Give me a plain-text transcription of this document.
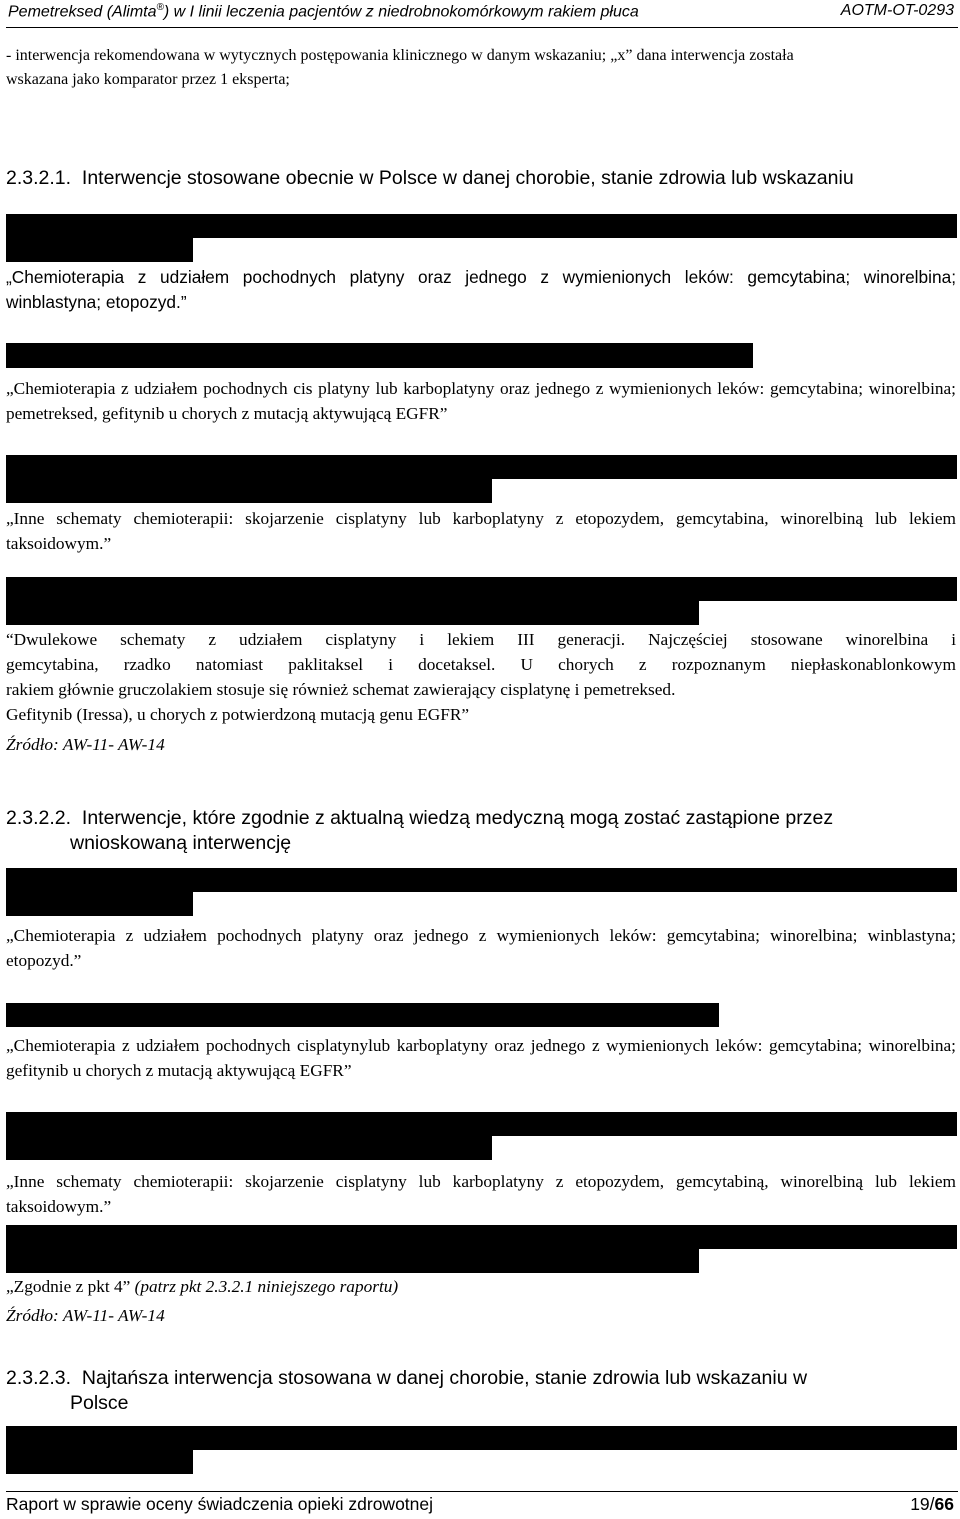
Pemetreksed (Alimta®) w I linii leczenia pacjentów z niedrobnokomórkowym rakiem płuca	AOTM-OT-0293
- interwencja rekomendowana w wytycznych postępowania klinicznego w danym wskazaniu; „x” dana interwencja została
wskazana jako komparator przez 1 eksperta;
2.3.2.1. Interwencje stosowane obecnie w Polsce w danej chorobie, stanie zdrowia lub wskazaniu
„Chemioterapia z udziałem pochodnych platyny oraz jednego z wymienionych leków: gemcytabina; winorelbina; winblastyna; etopozyd.”
„Chemioterapia z udziałem pochodnych cis platyny lub karboplatyny oraz jednego z wymienionych leków: gemcytabina; winorelbina; pemetreksed, gefitynib u chorych z mutacją aktywującą EGFR”
„Inne schematy chemioterapii: skojarzenie cisplatyny lub karboplatyny z etopozydem, gemcytabina, winorelbiną lub lekiem taksoidowym.”
“Dwulekowe schematy z udziałem cisplatyny i lekiem III generacji. Najczęściej stosowane winorelbina i
gemcytabina, rzadko natomiast paklitaksel i docetaksel. U chorych z rozpoznanym niepłaskonablonkowym
rakiem głównie gruczolakiem stosuje się również schemat zawierający cisplatynę i pemetreksed.
Gefitynib (Iressa), u chorych z potwierdzoną mutacją genu EGFR”
Źródło: AW-11- AW-14
2.3.2.2. Interwencje, które zgodnie z aktualną wiedzą medyczną mogą zostać zastąpione przez
wnioskowaną interwencję
„Chemioterapia z udziałem pochodnych platyny oraz jednego z wymienionych leków: gemcytabina; winorelbina; winblastyna; etopozyd.”
„Chemioterapia z udziałem pochodnych cisplatynylub karboplatyny oraz jednego z wymienionych leków: gemcytabina; winorelbina; gefitynib u chorych z mutacją aktywującą EGFR”
„Inne schematy chemioterapii: skojarzenie cisplatyny lub karboplatyny z etopozydem, gemcytabiną, winorelbiną lub lekiem taksoidowym.”
„Zgodnie z pkt 4” (patrz pkt 2.3.2.1 niniejszego raportu)
Źródło: AW-11- AW-14
2.3.2.3. Najtańsza interwencja stosowana w danej chorobie, stanie zdrowia lub wskazaniu w
Polsce
Raport w sprawie oceny świadczenia opieki zdrowotnej	19/66
